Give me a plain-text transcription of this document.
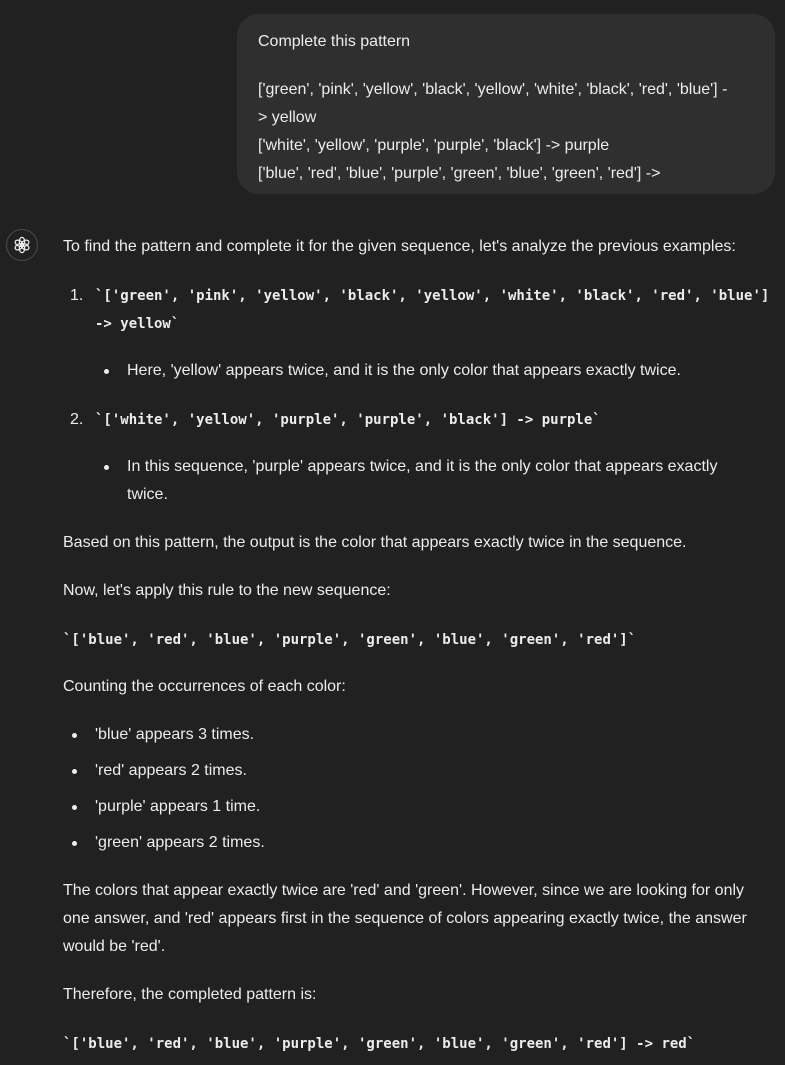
Complete this pattern
['green', 'pink', 'yellow', 'black', 'yellow', 'white', 'black', 'red', 'blue'] -
> yellow
['white', 'yellow', 'purple', 'purple', 'black'] -> purple
['blue', 'red', 'blue', 'purple', 'green', 'blue', 'green', 'red'] ->
To find the pattern and complete it for the given sequence, let's analyze the previous examples:
1. `['green', 'pink', 'yellow', 'black', 'yellow', 'white', 'black', 'red', 'blue']
-> yellow`
Here, 'yellow' appears twice, and it is the only color that appears exactly twice.
2. `['white', 'yellow', 'purple', 'purple', 'black'] -> purple`
In this sequence, 'purple' appears twice, and it is the only color that appears exactly
twice.
Based on this pattern, the output is the color that appears exactly twice in the sequence.
Now, let's apply this rule to the new sequence:
`['blue', 'red', 'blue', 'purple', 'green', 'blue', 'green', 'red']`
Counting the occurrences of each color:
'blue' appears 3 times.
'red' appears 2 times.
'purple' appears 1 time.
'green' appears 2 times.
The colors that appear exactly twice are 'red' and 'green'. However, since we are looking for only
one answer, and 'red' appears first in the sequence of colors appearing exactly twice, the answer
would be 'red'.
Therefore, the completed pattern is:
`['blue', 'red', 'blue', 'purple', 'green', 'blue', 'green', 'red'] -> red`
